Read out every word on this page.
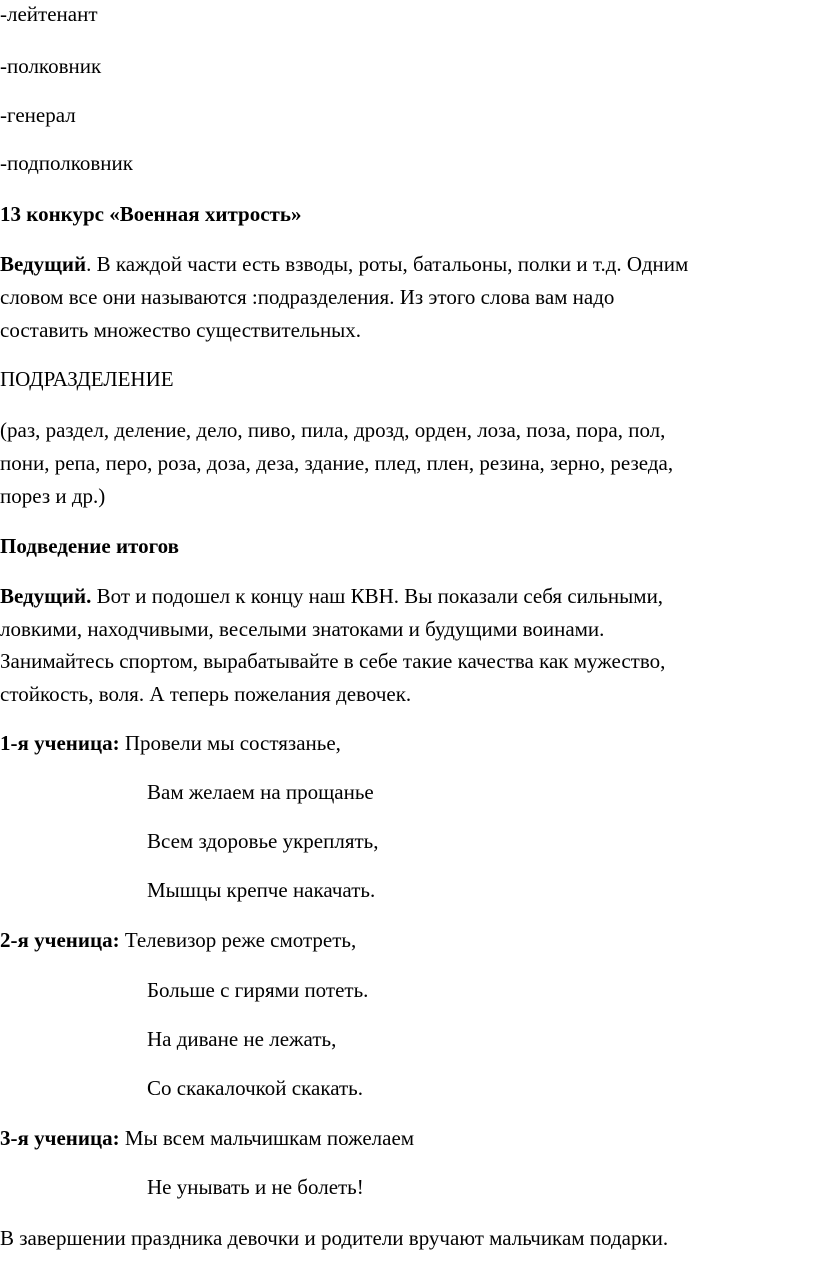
-лейтенант

-полковник

-генерал

-подполковник

13 конкурс «Военная хитрость»

Ведущий. В каждой части есть взводы, роты, батальоны, полки и т.д. Одним

словом все они называются :подразделения. Из этого слова вам надо

составить множество существительных.

ПОДРАЗДЕЛЕНИЕ

(раз, раздел, деление, дело, пиво, пила, дрозд, орден, лоза, поза, пора, пол,

пони, репа, перо, роза, доза, деза, здание, плед, плен, резина, зерно, резеда,

порез и др.)

Подведение итогов

Ведущий. Вот и подошел к концу наш КВН. Вы показали себя сильными,

ловкими, находчивыми, веселыми знатоками и будущими воинами.

Занимайтесь спортом, вырабатывайте в себе такие качества как мужество,

стойкость, воля. А теперь пожелания девочек.

1-я ученица: Провели мы состязанье,

Вам желаем на прощанье

Всем здоровье укреплять,

Мышцы крепче накачать.

2-я ученица: Телевизор реже смотреть,

Больше с гирями потеть.

На диване не лежать,

Со скакалочкой скакать.

3-я ученица: Мы всем мальчишкам пожелаем

Не унывать и не болеть!

В завершении праздника девочки и родители вручают мальчикам подарки.
